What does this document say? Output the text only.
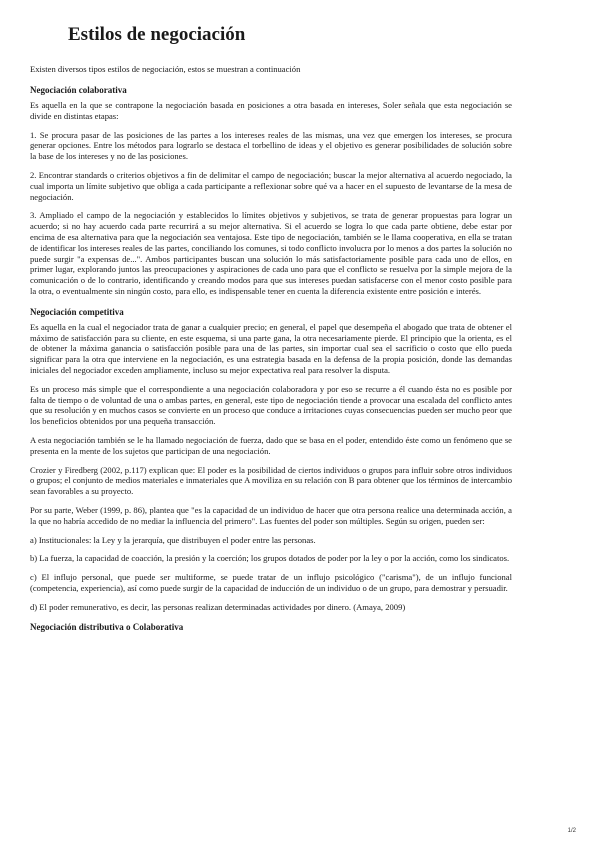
Estilos de negociación

Existen diversos tipos estilos de negociación, estos se muestran a continuación

Negociación colaborativa

Es aquella en la que se contrapone la negociación basada en posiciones a otra basada en intereses, Soler señala que esta negociación se divide en distintas etapas:

1. Se procura pasar de las posiciones de las partes a los intereses reales de las mismas, una vez que emergen los intereses, se procura generar opciones. Entre los métodos para lograrlo se destaca el torbellino de ideas y el objetivo es generar posibilidades de solución sobre la base de los intereses y no de las posiciones.

2. Encontrar standards o criterios objetivos a fin de delimitar el campo de negociación; buscar la mejor alternativa al acuerdo negociado, la cual importa un límite subjetivo que obliga a cada participante a reflexionar sobre qué va a hacer en el supuesto de levantarse de la mesa de negociación.

3. Ampliado el campo de la negociación y establecidos lo límites objetivos y subjetivos, se trata de generar propuestas para lograr un acuerdo; si no hay acuerdo cada parte recurrirá a su mejor alternativa. Si el acuerdo se logra lo que cada parte obtiene, debe estar por encima de esa alternativa para que la negociación sea ventajosa. Este tipo de negociación, también se le llama cooperativa, en ella se tratan de identificar los intereses reales de las partes, conciliando los comunes, si todo conflicto involucra por lo menos a dos partes la solución no puede surgir "a expensas de...". Ambos participantes buscan una solución lo más satisfactoriamente posible para cada uno de ellos, en primer lugar, explorando juntos las preocupaciones y aspiraciones de cada uno para que el conflicto se resuelva por la simple mejora de la comunicación o de lo contrario, identificando y creando modos para que sus intereses puedan satisfacerse con el menor costo posible para la otra, o eventualmente sin ningún costo, para ello, es indispensable tener en cuenta la diferencia existente entre posición e interés.

Negociación competitiva

Es aquella en la cual el negociador trata de ganar a cualquier precio; en general, el papel que desempeña el abogado que trata de obtener el máximo de satisfacción para su cliente, en este esquema, si una parte gana, la otra necesariamente pierde. El principio que la orienta, es el de obtener la máxima ganancia o satisfacción posible para una de las partes, sin importar cual sea el sacrificio o costo que ello pueda significar para la otra que interviene en la negociación, es una estrategia basada en la defensa de la propia posición, donde las demandas iniciales del negociador exceden ampliamente, incluso su mejor expectativa real para resolver la disputa.

Es un proceso más simple que el correspondiente a una negociación colaboradora y por eso se recurre a él cuando ésta no es posible por falta de tiempo o de voluntad de una o ambas partes, en general, este tipo de negociación tiende a provocar una escalada del conflicto antes que su resolución y en muchos casos se convierte en un proceso que conduce a irritaciones cuyas consecuencias pueden ser mucho peor que los beneficios obtenidos por una pequeña transacción.

A esta negociación también se le ha llamado negociación de fuerza, dado que se basa en el poder, entendido éste como un fenómeno que se presenta en la mente de los sujetos que participan de una negociación.

Crozier y Firedberg (2002, p.117) explican que: El poder es la posibilidad de ciertos individuos o grupos para influir sobre otros individuos o grupos; el conjunto de medios materiales e inmateriales que A moviliza en su relación con B para obtener que los términos de intercambio sean favorables a su proyecto.

Por su parte, Weber (1999, p. 86), plantea que "es la capacidad de un individuo de hacer que otra persona realice una determinada acción, a la que no habría accedido de no mediar la influencia del primero". Las fuentes del poder son múltiples. Según su origen, pueden ser:

a) Institucionales: la Ley y la jerarquía, que distribuyen el poder entre las personas.

b) La fuerza, la capacidad de coacción, la presión y la coerción; los grupos dotados de poder por la ley o por la acción, como los sindicatos.

c) El influjo personal, que puede ser multiforme, se puede tratar de un influjo psicológico ("carisma"), de un influjo funcional (competencia, experiencia), así como puede surgir de la capacidad de inducción de un individuo o de un grupo, para demostrar y persuadir.

d) El poder remunerativo, es decir, las personas realizan determinadas actividades por dinero. (Amaya, 2009)

Negociación distributiva o Colaborativa
1/2
